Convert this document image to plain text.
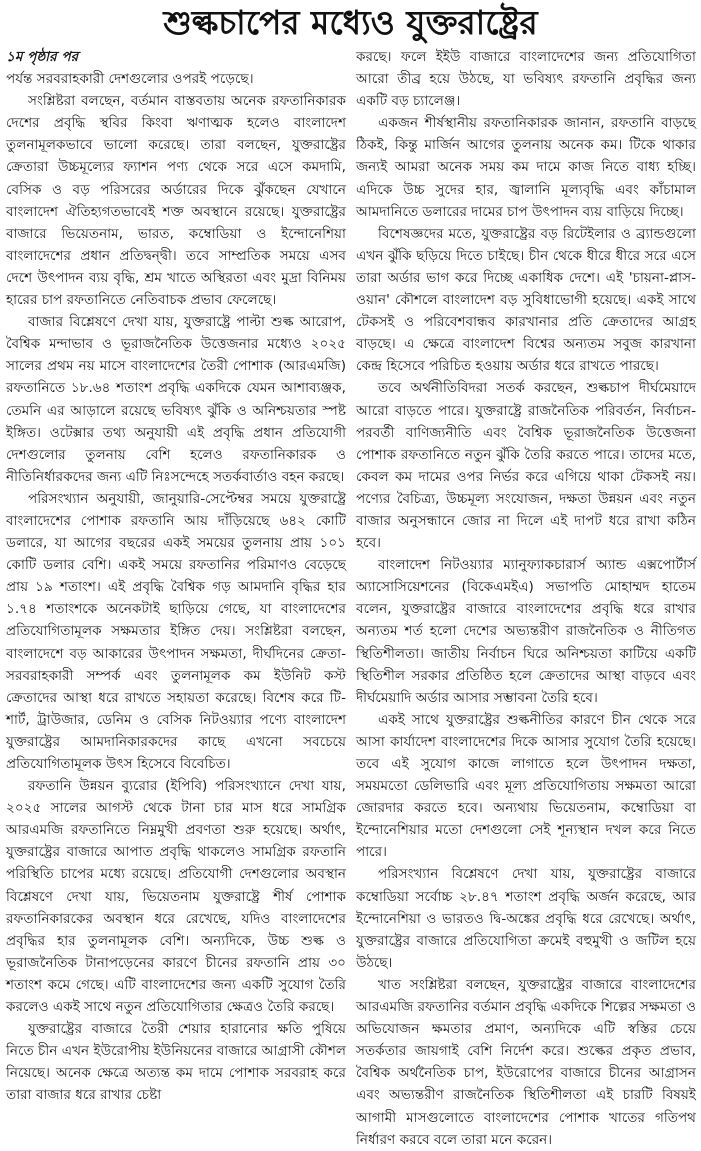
শুল্কচাপের মধ্যেও যুক্তরাষ্ট্রের

১ম পৃষ্ঠার পর

পর্যন্ত সরবরাহকারী দেশগুলোর ওপরই পড়েছে।

সংশ্লিষ্টরা বলছেন, বর্তমান বাস্তবতায় অনেক রফতানিকারক দেশের প্রবৃদ্ধি স্থবির কিংবা ঋণাত্মক হলেও বাংলাদেশ তুলনামূলকভাবে ভালো করেছে। তারা বলছেন, যুক্তরাষ্ট্রের ক্রেতারা উচ্চমূল্যের ফ্যাশন পণ্য থেকে সরে এসে কমদামি, বেসিক ও বড় পরিসরের অর্ডারের দিকে ঝুঁকছেন যেখানে বাংলাদেশ ঐতিহ্যগতভাবেই শক্ত অবস্থানে রয়েছে। যুক্তরাষ্ট্রের বাজারে ভিয়েতনাম, ভারত, কম্বোডিয়া ও ইন্দোনেশিয়া বাংলাদেশের প্রধান প্রতিদ্বন্দ্বী। তবে সাম্প্রতিক সময়ে এসব দেশে উৎপাদন ব্যয় বৃদ্ধি, শ্রম খাতে অস্থিরতা এবং মুদ্রা বিনিময় হারের চাপ রফতানিতে নেতিবাচক প্রভাব ফেলেছে।

বাজার বিশ্লেষণে দেখা যায়, যুক্তরাষ্ট্রে পাল্টা শুল্ক আরোপ, বৈশ্বিক মন্দাভাব ও ভূরাজনৈতিক উত্তেজনার মধ্যেও ২০২৫ সালের প্রথম নয় মাসে বাংলাদেশের তৈরী পোশাক (আরএমজি) রফতানিতে ১৮.৬৪ শতাংশ প্রবৃদ্ধি একদিকে যেমন আশাব্যঞ্জক, তেমনি এর আড়ালে রয়েছে ভবিষ্যৎ ঝুঁকি ও অনিশ্চয়তার স্পষ্ট ইঙ্গিত। ওটেক্সার তথ্য অনুযায়ী এই প্রবৃদ্ধি প্রধান প্রতিযোগী দেশগুলোর তুলনায় বেশি হলেও রফতানিকারক ও নীতিনির্ধারকদের জন্য এটি নিঃসন্দেহে সতর্কবার্তাও বহন করছে।

পরিসংখ্যান অনুযায়ী, জানুয়ারি-সেপ্টেম্বর সময়ে যুক্তরাষ্ট্রে বাংলাদেশের পোশাক রফতানি আয় দাঁড়িয়েছে ৬৪২ কোটি ডলারে, যা আগের বছরের একই সময়ের তুলনায় প্রায় ১০১ কোটি ডলার বেশি। একই সময়ে রফতানির পরিমাণও বেড়েছে প্রায় ১৯ শতাংশ। এই প্রবৃদ্ধি বৈশ্বিক গড় আমদানি বৃদ্ধির হার ১.৭৪ শতাংশকে অনেকটাই ছাড়িয়ে গেছে, যা বাংলাদেশের প্রতিযোগিতামূলক সক্ষমতার ইঙ্গিত দেয়। সংশ্লিষ্টরা বলছেন, বাংলাদেশে বড় আকারের উৎপাদন সক্ষমতা, দীর্ঘদিনের ক্রেতা-সরবরাহকারী সম্পর্ক এবং তুলনামূলক কম ইউনিট কস্ট ক্রেতাদের আস্থা ধরে রাখতে সহায়তা করেছে। বিশেষ করে টি-শার্ট, ট্রাউজার, ডেনিম ও বেসিক নিটওয়্যার পণ্যে বাংলাদেশ যুক্তরাষ্ট্রের আমদানিকারকদের কাছে এখনো সবচেয়ে প্রতিযোগিতামূলক উৎস হিসেবে বিবেচিত।

রফতানি উন্নয়ন ব্যুরোর (ইপিবি) পরিসংখ্যানে দেখা যায়, ২০২৫ সালের আগস্ট থেকে টানা চার মাস ধরে সামগ্রিক আরএমজি রফতানিতে নিম্নমুখী প্রবণতা শুরু হয়েছে। অর্থাৎ, যুক্তরাষ্ট্রের বাজারে আপাত প্রবৃদ্ধি থাকলেও সামগ্রিক রফতানি পরিস্থিতি চাপের মধ্যে রয়েছে। প্রতিযোগী দেশগুলোর অবস্থান বিশ্লেষণে দেখা যায়, ভিয়েতনাম যুক্তরাষ্ট্রে শীর্ষ পোশাক রফতানিকারকের অবস্থান ধরে রেখেছে, যদিও বাংলাদেশের প্রবৃদ্ধির হার তুলনামূলক বেশি। অন্যদিকে, উচ্চ শুল্ক ও ভূরাজনৈতিক টানাপড়েনের কারণে চীনের রফতানি প্রায় ৩০ শতাংশ কমে গেছে। এটি বাংলাদেশের জন্য একটি সুযোগ তৈরি করলেও একই সাথে নতুন প্রতিযোগিতার ক্ষেত্রও তৈরি করছে।

যুক্তরাষ্ট্রের বাজারে তৈরী শেয়ার হারানোর ক্ষতি পুষিয়ে নিতে চীন এখন ইউরোপীয় ইউনিয়নের বাজারে আগ্রাসী কৌশল নিয়েছে। অনেক ক্ষেত্রে অত্যন্ত কম দামে পোশাক সরবরাহ করে তারা বাজার ধরে রাখার চেষ্টা

করছে। ফলে ইইউ বাজারে বাংলাদেশের জন্য প্রতিযোগিতা আরো তীব্র হয়ে উঠছে, যা ভবিষ্যৎ রফতানি প্রবৃদ্ধির জন্য একটি বড় চ্যালেঞ্জ।

একজন শীর্ষস্থানীয় রফতানিকারক জানান, রফতানি বাড়ছে ঠিকই, কিন্তু মার্জিন আগের তুলনায় অনেক কম। টিকে থাকার জন্যই আমরা অনেক সময় কম দামে কাজ নিতে বাধ্য হচ্ছি। এদিকে উচ্চ সুদের হার, জ্বালানি মূল্যবৃদ্ধি এবং কাঁচামাল আমদানিতে ডলারের দামের চাপ উৎপাদন ব্যয় বাড়িয়ে দিচ্ছে।

বিশেষজ্ঞদের মতে, যুক্তরাষ্ট্রের বড় রিটেইলার ও ব্র্যান্ডগুলো এখন ঝুঁকি ছড়িয়ে দিতে চাইছে। চীন থেকে ধীরে ধীরে সরে এসে তারা অর্ডার ভাগ করে দিচ্ছে একাধিক দেশে। এই 'চায়না-প্লাস-ওয়ান' কৌশলে বাংলাদেশ বড় সুবিধাভোগী হয়েছে। একই সাথে টেকসই ও পরিবেশবান্ধব কারখানার প্রতি ক্রেতাদের আগ্রহ বাড়ছে। এ ক্ষেত্রে বাংলাদেশ বিশ্বের অন্যতম সবুজ কারখানা কেন্দ্র হিসেবে পরিচিত হওয়ায় অর্ডার ধরে রাখতে পারছে।

তবে অর্থনীতিবিদরা সতর্ক করছেন, শুল্কচাপ দীর্ঘমেয়াদে আরো বাড়তে পারে। যুক্তরাষ্ট্রে রাজনৈতিক পরিবর্তন, নির্বাচন-পরবর্তী বাণিজ্যনীতি এবং বৈশ্বিক ভূরাজনৈতিক উত্তেজনা পোশাক রফতানিতে নতুন ঝুঁকি তৈরি করতে পারে। তাদের মতে, কেবল কম দামের ওপর নির্ভর করে এগিয়ে থাকা টেকসই নয়। পণ্যের বৈচিত্র্য, উচ্চমূল্য সংযোজন, দক্ষতা উন্নয়ন এবং নতুন বাজার অনুসন্ধানে জোর না দিলে এই দাপট ধরে রাখা কঠিন হবে।

বাংলাদেশ নিটওয়্যার ম্যানুফ্যাকচারার্স অ্যান্ড এক্সপোর্টার্স অ্যাসোসিয়েশনের (বিকেএমইএ) সভাপতি মোহাম্মদ হাতেম বলেন, যুক্তরাষ্ট্রের বাজারে বাংলাদেশের প্রবৃদ্ধি ধরে রাখার অন্যতম শর্ত হলো দেশের অভ্যন্তরীণ রাজনৈতিক ও নীতিগত স্থিতিশীলতা। জাতীয় নির্বাচন ঘিরে অনিশ্চয়তা কাটিয়ে একটি স্থিতিশীল সরকার প্রতিষ্ঠিত হলে ক্রেতাদের আস্থা বাড়বে এবং দীর্ঘমেয়াদি অর্ডার আসার সম্ভাবনা তৈরি হবে।

একই সাথে যুক্তরাষ্ট্রের শুল্কনীতির কারণে চীন থেকে সরে আসা কার্যাদেশ বাংলাদেশের দিকে আসার সুযোগ তৈরি হয়েছে। তবে এই সুযোগ কাজে লাগাতে হলে উৎপাদন দক্ষতা, সময়মতো ডেলিভারি এবং মূল্য প্রতিযোগিতায় সক্ষমতা আরো জোরদার করতে হবে। অন্যথায় ভিয়েতনাম, কম্বোডিয়া বা ইন্দোনেশিয়ার মতো দেশগুলো সেই শূন্যস্থান দখল করে নিতে পারে।

পরিসংখ্যান বিশ্লেষণে দেখা যায়, যুক্তরাষ্ট্রের বাজারে কম্বোডিয়া সর্বোচ্চ ২৮.৪৭ শতাংশ প্রবৃদ্ধি অর্জন করেছে, আর ইন্দোনেশিয়া ও ভারতও দ্বি-অঙ্কের প্রবৃদ্ধি ধরে রেখেছে। অর্থাৎ, যুক্তরাষ্ট্রের বাজারে প্রতিযোগিতা ক্রমেই বহুমুখী ও জটিল হয়ে উঠছে।

খাত সংশ্লিষ্টরা বলছেন, যুক্তরাষ্ট্রের বাজারে বাংলাদেশের আরএমজি রফতানির বর্তমান প্রবৃদ্ধি একদিকে শিল্পের সক্ষমতা ও অভিযোজন ক্ষমতার প্রমাণ, অন্যদিকে এটি স্বস্তির চেয়ে সতর্কতার জায়গাই বেশি নির্দেশ করে। শুল্কের প্রকৃত প্রভাব, বৈশ্বিক অর্থনৈতিক চাপ, ইউরোপের বাজারে চীনের আগ্রাসন এবং অভ্যন্তরীণ রাজনৈতিক স্থিতিশীলতা এই চারটি বিষয়ই আগামী মাসগুলোতে বাংলাদেশের পোশাক খাতের গতিপথ নির্ধারণ করবে বলে তারা মনে করেন।
